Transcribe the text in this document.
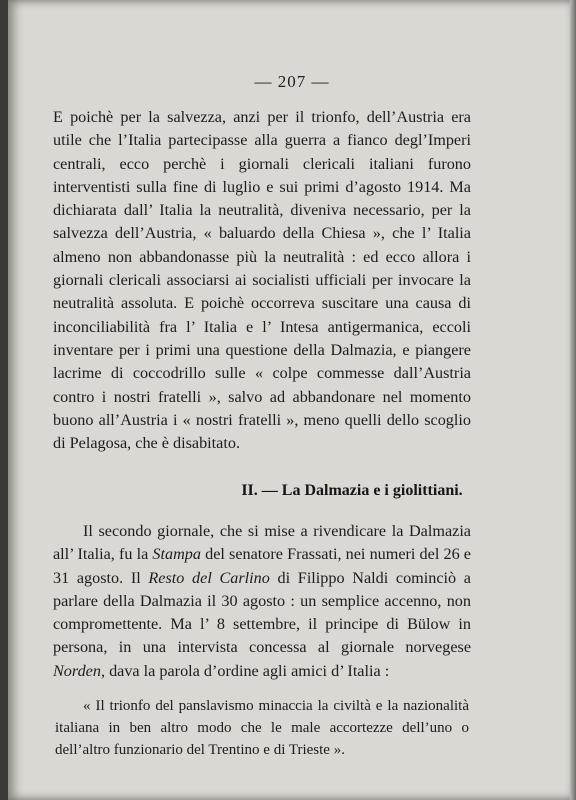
— 207 —
E poichè per la salvezza, anzi per il trionfo, dell’Austria era utile che l’Italia partecipasse alla guerra a fianco degl’Imperi centrali, ecco perchè i giornali clericali italiani furono interventisti sulla fine di luglio e sui primi d’agosto 1914. Ma dichiarata dall’ Italia la neutralità, diveniva necessario, per la salvezza dell’Austria, « baluardo della Chiesa », che l’ Italia almeno non abbandonasse più la neutralità : ed ecco allora i giornali clericali associarsi ai socialisti ufficiali per invocare la neutralità assoluta. E poichè occorreva suscitare una causa di inconciliabilità fra l’ Italia e l’ Intesa antigermanica, eccoli inventare per i primi una questione della Dalmazia, e piangere lacrime di coccodrillo sulle « colpe commesse dall’Austria contro i nostri fratelli », salvo ad abbandonare nel momento buono all’Austria i « nostri fratelli », meno quelli dello scoglio di Pelagosa, che è disabitato.
II. — La Dalmazia e i giolittiani.
Il secondo giornale, che si mise a rivendicare la Dalmazia all’ Italia, fu la Stampa del senatore Frassati, nei numeri del 26 e 31 agosto. Il Resto del Carlino di Filippo Naldi cominciò a parlare della Dalmazia il 30 agosto : un semplice accenno, non compromettente. Ma l’ 8 settembre, il principe di Bülow in persona, in una intervista concessa al giornale norvegese Norden, dava la parola d’ordine agli amici d’ Italia :
« Il trionfo del panslavismo minaccia la civiltà e la nazionalità italiana in ben altro modo che le male accortezze dell’uno o dell’altro funzionario del Trentino e di Trieste ».
